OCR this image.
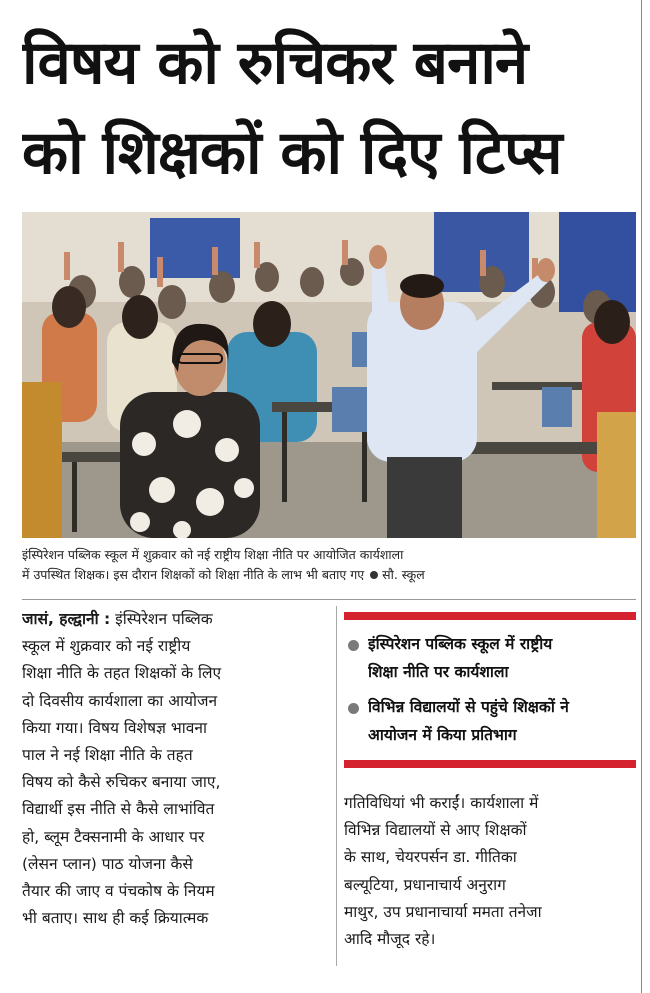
विषय को रुचिकर बनाने
को शिक्षकों को दिए टिप्स
इंस्पिरेशन पब्लिक स्कूल में शुक्रवार को नई राष्ट्रीय शिक्षा नीति पर आयोजित कार्यशाला
में उपस्थित शिक्षक। इस दौरान शिक्षकों को शिक्षा नीति के लाभ भी बताए गए सौ. स्कूल
जासं, हल्द्वानी : इंस्पिरेशन पब्लिक
स्कूल में शुक्रवार को नई राष्ट्रीय
शिक्षा नीति के तहत शिक्षकों के लिए
दो दिवसीय कार्यशाला का आयोजन
किया गया। विषय विशेषज्ञ भावना
पाल ने नई शिक्षा नीति के तहत
विषय को कैसे रुचिकर बनाया जाए,
विद्यार्थी इस नीति से कैसे लाभांवित
हो, ब्लूम टैक्सनामी के आधार पर
(लेसन प्लान) पाठ योजना कैसे
तैयार की जाए व पंचकोष के नियम
भी बताए। साथ ही कई क्रियात्मक
इंस्पिरेशन पब्लिक स्कूल में राष्ट्रीय
शिक्षा नीति पर कार्यशाला
विभिन्न विद्यालयों से पहुंचे शिक्षकों ने
आयोजन में किया प्रतिभाग
गतिविधियां भी कराईं। कार्यशाला में
विभिन्न विद्यालयों से आए शिक्षकों
के साथ, चेयरपर्सन डा. गीतिका
बल्यूटिया, प्रधानाचार्य अनुराग
माथुर, उप प्रधानाचार्या ममता तनेजा
आदि मौजूद रहे।
